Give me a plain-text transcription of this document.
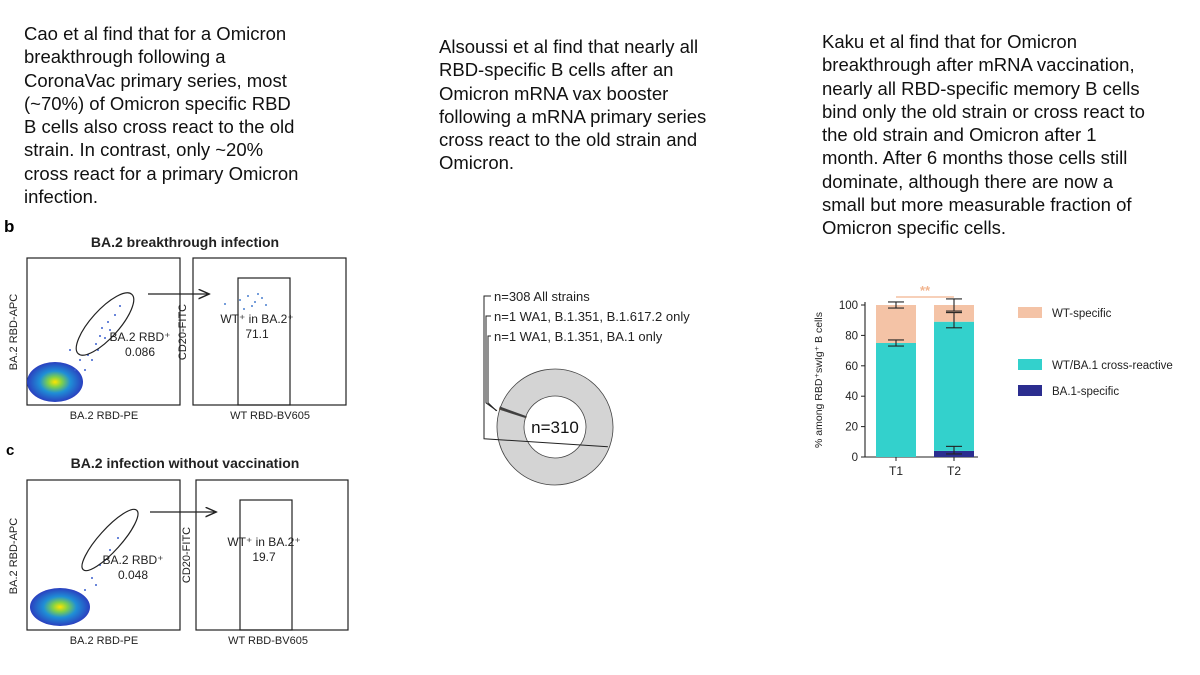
Cao et al find that for a Omicron
breakthrough following a
CoronaVac primary series, most
(~70%) of Omicron specific RBD
B cells also cross react to the old
strain. In contrast, only ~20%
cross react for a primary Omicron
infection.
Alsoussi et al find that nearly all
RBD-specific B cells after an
Omicron mRNA vax booster
following a mRNA primary series
cross react to the old strain and
Omicron.
Kaku et al find that for Omicron
breakthrough after mRNA vaccination,
nearly all RBD-specific memory B cells
bind only the old strain or cross react to
the old strain and Omicron after 1
month. After 6 months those cells still
dominate, although there are now a
small but more measurable fraction of
Omicron specific cells.
b
BA.2 breakthrough infection
BA.2 RBD⁺
0.086
BA.2 RBD-APC
BA.2 RBD-PE
WT⁺ in BA.2⁺
71.1
CD20-FITC
WT RBD-BV605
c
BA.2 infection without vaccination
BA.2 RBD⁺
0.048
BA.2 RBD-APC
BA.2 RBD-PE
WT⁺ in BA.2⁺
19.7
CD20-FITC
WT RBD-BV605
n=310
n=308 All strains
n=1 WA1, B.1.351, B.1.617.2 only
n=1 WA1, B.1.351, BA.1 only
0
20
40
60
80
100
T1	T2
**
% among RBD⁺swIg⁺ B cells	WT-specific
WT/BA.1 cross-reactive
BA.1-specific
